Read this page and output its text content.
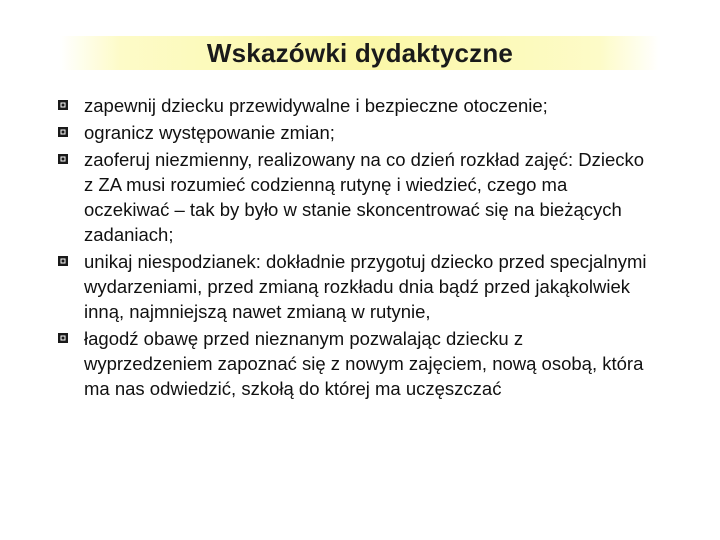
Wskazówki dydaktyczne
zapewnij dziecku przewidywalne i bezpieczne otoczenie;
ogranicz występowanie zmian;
zaoferuj niezmienny, realizowany na co dzień rozkład zajęć: Dziecko z ZA musi rozumieć codzienną rutynę i wiedzieć, czego ma oczekiwać – tak by było w stanie skoncentrować się na bieżących zadaniach;
unikaj niespodzianek: dokładnie przygotuj dziecko przed specjalnymi wydarzeniami, przed zmianą rozkładu dnia bądź przed jakąkolwiek inną, najmniejszą nawet zmianą w rutynie,
łagodź obawę przed nieznanym pozwalając dziecku z wyprzedzeniem zapoznać się z nowym zajęciem, nową osobą, która ma nas odwiedzić, szkołą do której ma uczęszczać
